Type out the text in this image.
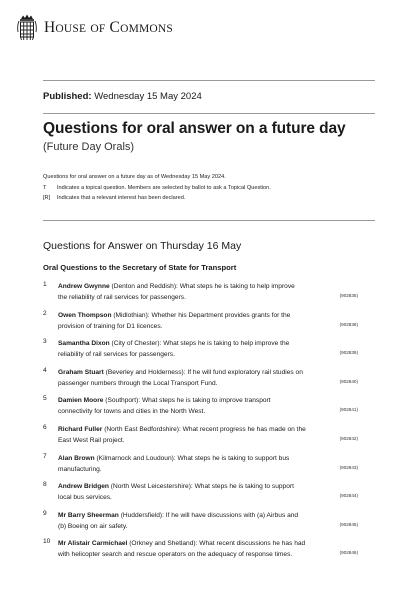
HOUSE OF COMMONS
Published: Wednesday 15 May 2024
Questions for oral answer on a future day
(Future Day Orals)
Questions for oral answer on a future day as of Wednesday 15 May 2024.
T	Indicates a topical question. Members are selected by ballot to ask a Topical Question.
[R]	Indicates that a relevant interest has been declared.
Questions for Answer on Thursday 16 May
Oral Questions to the Secretary of State for Transport
1	Andrew Gwynne (Denton and Reddish): What steps he is taking to help improve
the reliability of rail services for passengers.	(902835)
2	Owen Thompson (Midlothian): Whether his Department provides grants for the
provision of training for D1 licences.	(902838)
3	Samantha Dixon (City of Chester): What steps he is taking to help improve the
reliability of rail services for passengers.	(902839)
4	Graham Stuart (Beverley and Holderness): If he will fund exploratory rail studies on
passenger numbers through the Local Transport Fund.	(902840)
5	Damien Moore (Southport): What steps he is taking to improve transport
connectivity for towns and cities in the North West.	(902841)
6	Richard Fuller (North East Bedfordshire): What recent progress he has made on the
East West Rail project.	(902842)
7	Alan Brown (Kilmarnock and Loudoun): What steps he is taking to support bus
manufacturing.	(902843)
8	Andrew Bridgen (North West Leicestershire): What steps he is taking to support
local bus services.	(902844)
9	Mr Barry Sheerman (Huddersfield): If he will have discussions with (a) Airbus and
(b) Boeing on air safety.	(902845)
10	Mr Alistair Carmichael (Orkney and Shetland): What recent discussions he has had
with helicopter search and rescue operators on the adequacy of response times.	(902846)
